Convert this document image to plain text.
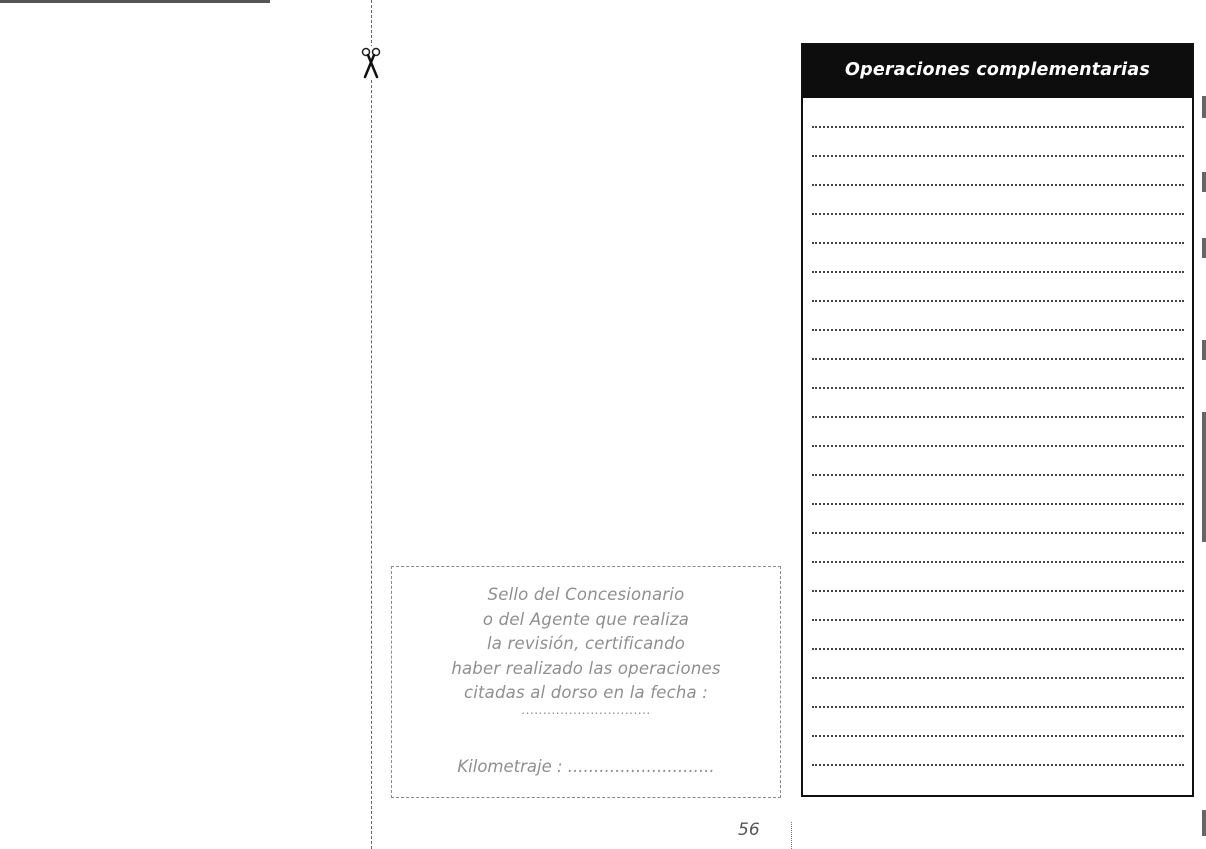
Sello del Concesionario
o del Agente que realiza
la revisión, certificando
haber realizado las operaciones
citadas al dorso en la fecha :
..............................
Kilometraje : ............................
56
Operaciones complementarias
